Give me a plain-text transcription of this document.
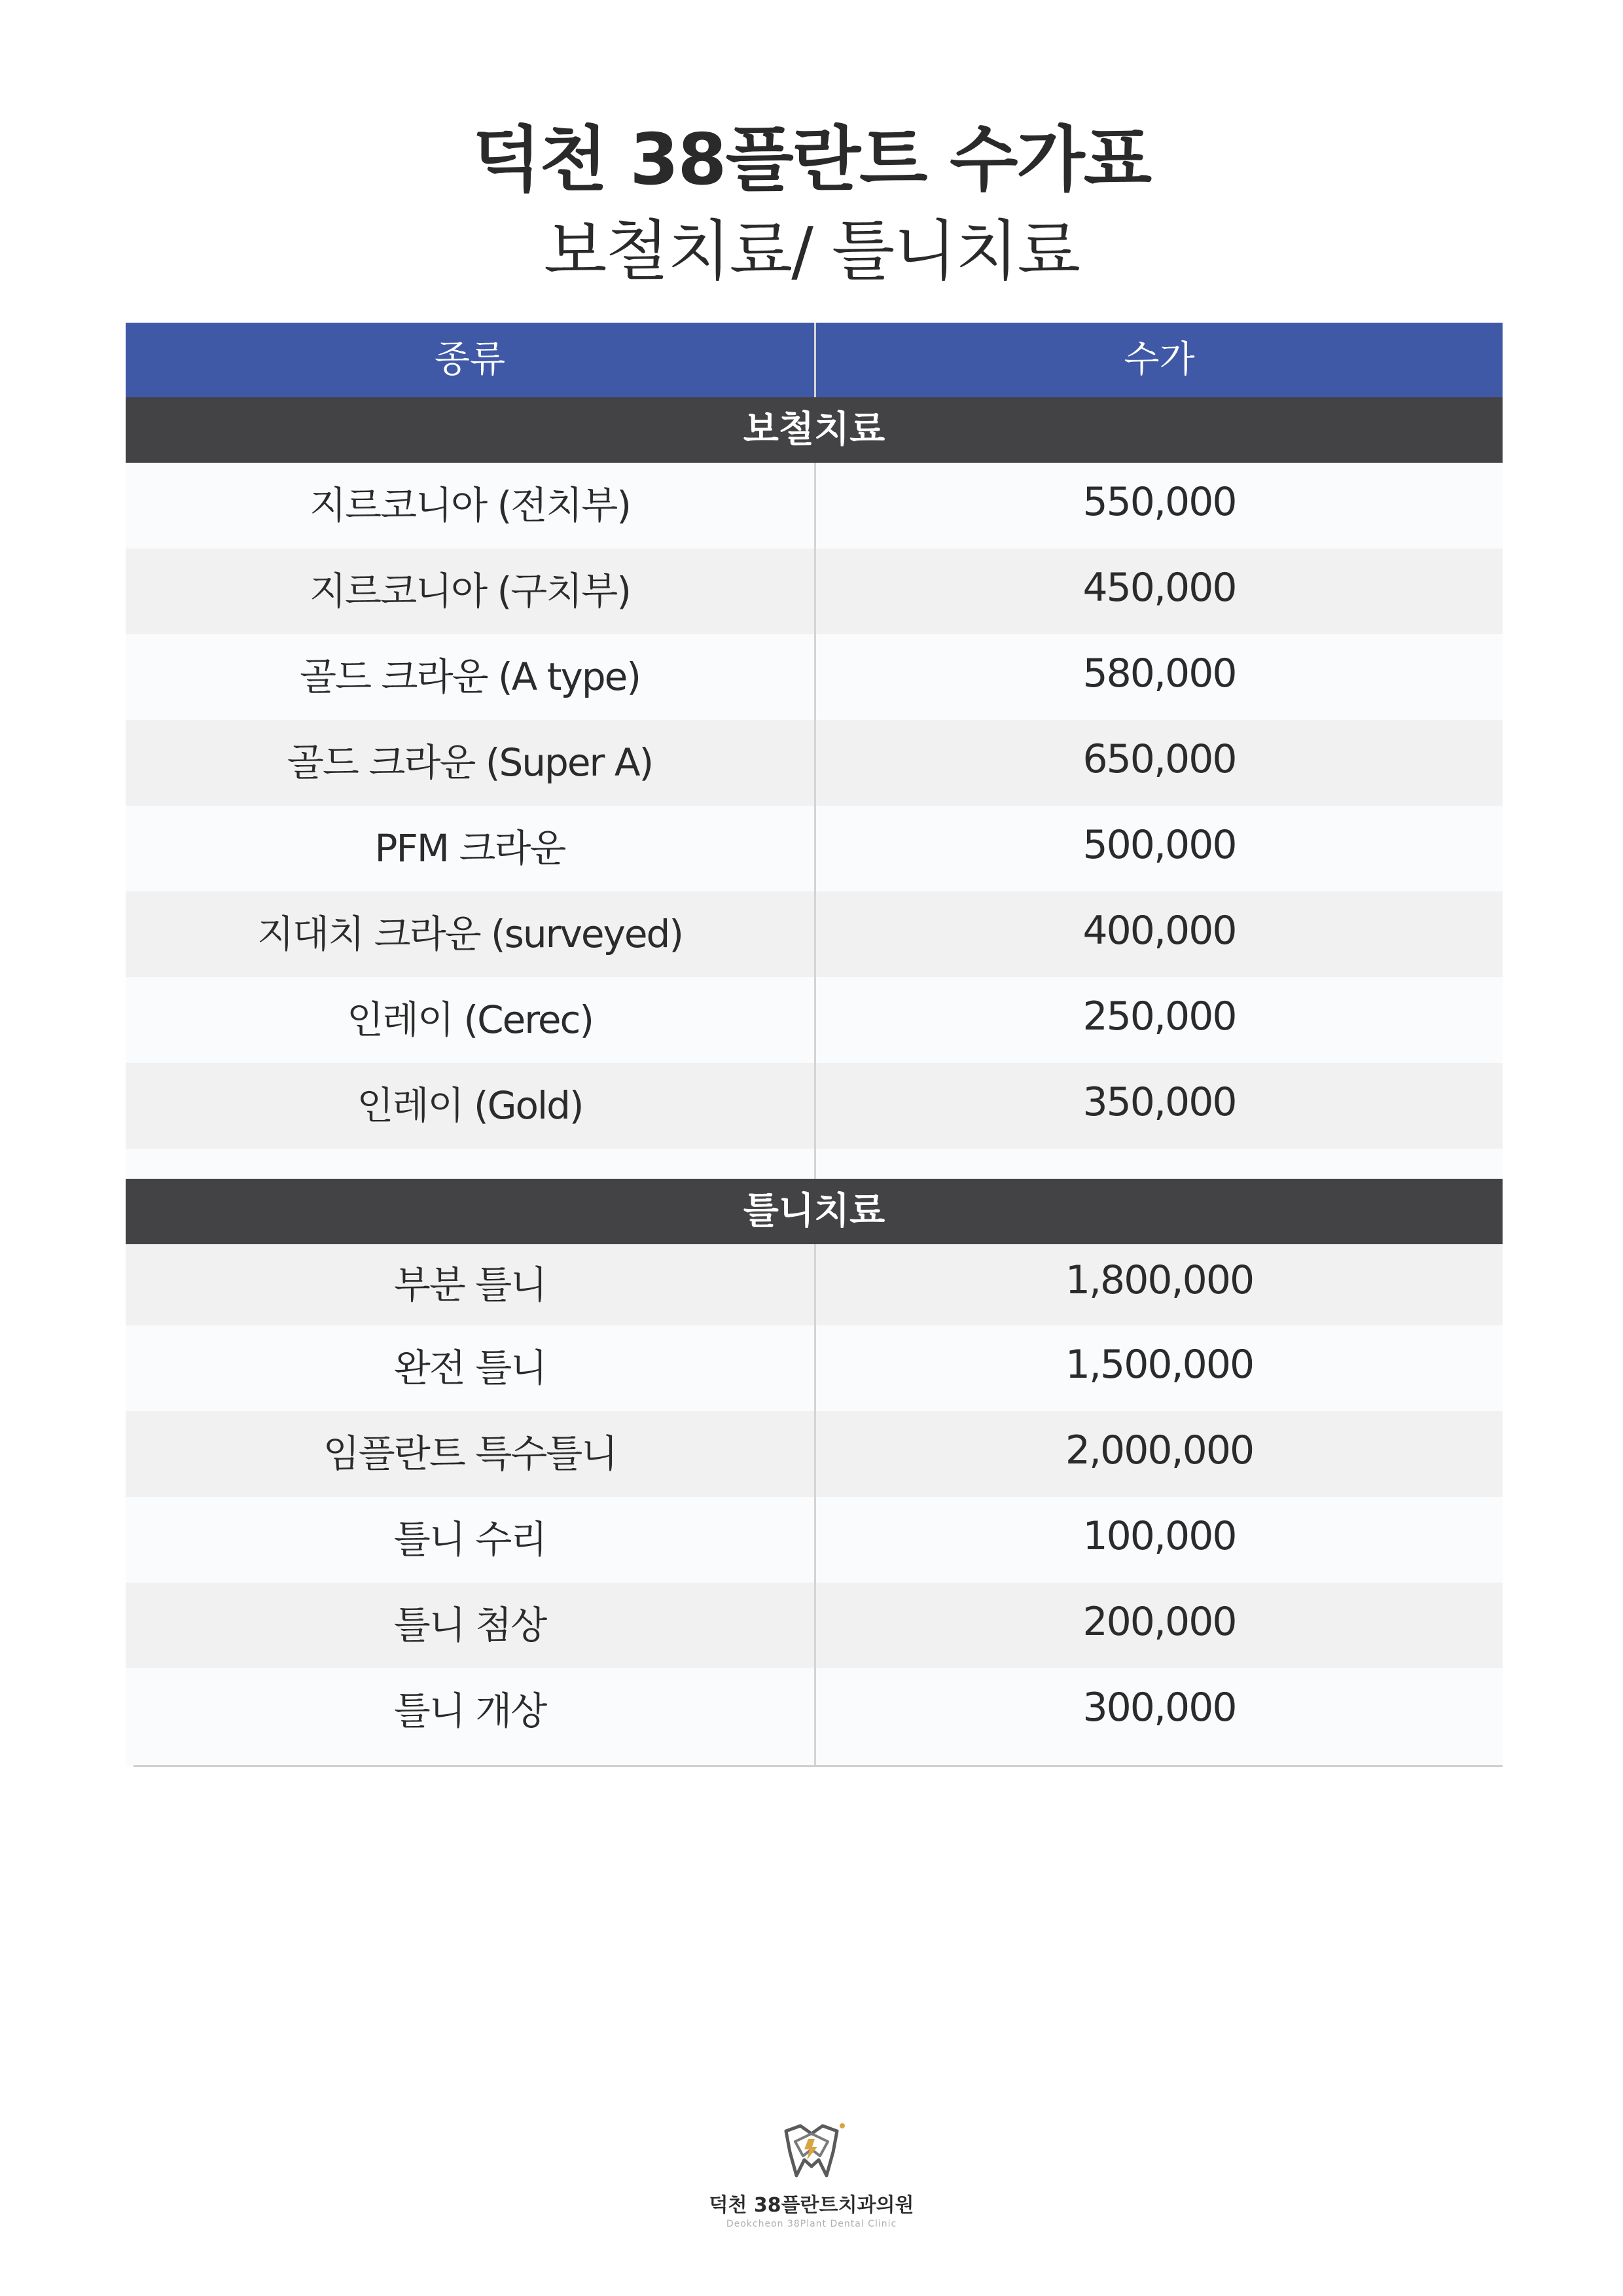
덕천 38플란트 수가표
보철치료/ 틀니치료
종류	수가
보철치료
지르코니아 (전치부)	550,000
지르코니아 (구치부)	450,000
골드 크라운 (A type)	580,000
골드 크라운 (Super A)	650,000
PFM 크라운	500,000
지대치 크라운 (surveyed)	400,000
인레이 (Cerec)	250,000
인레이 (Gold)	350,000
틀니치료
부분 틀니	1,800,000
완전 틀니	1,500,000
임플란트 특수틀니	2,000,000
틀니 수리	100,000
틀니 첨상	200,000
틀니 개상	300,000
덕천 38플란트치과의원
Deokcheon 38Plant Dental Clinic
